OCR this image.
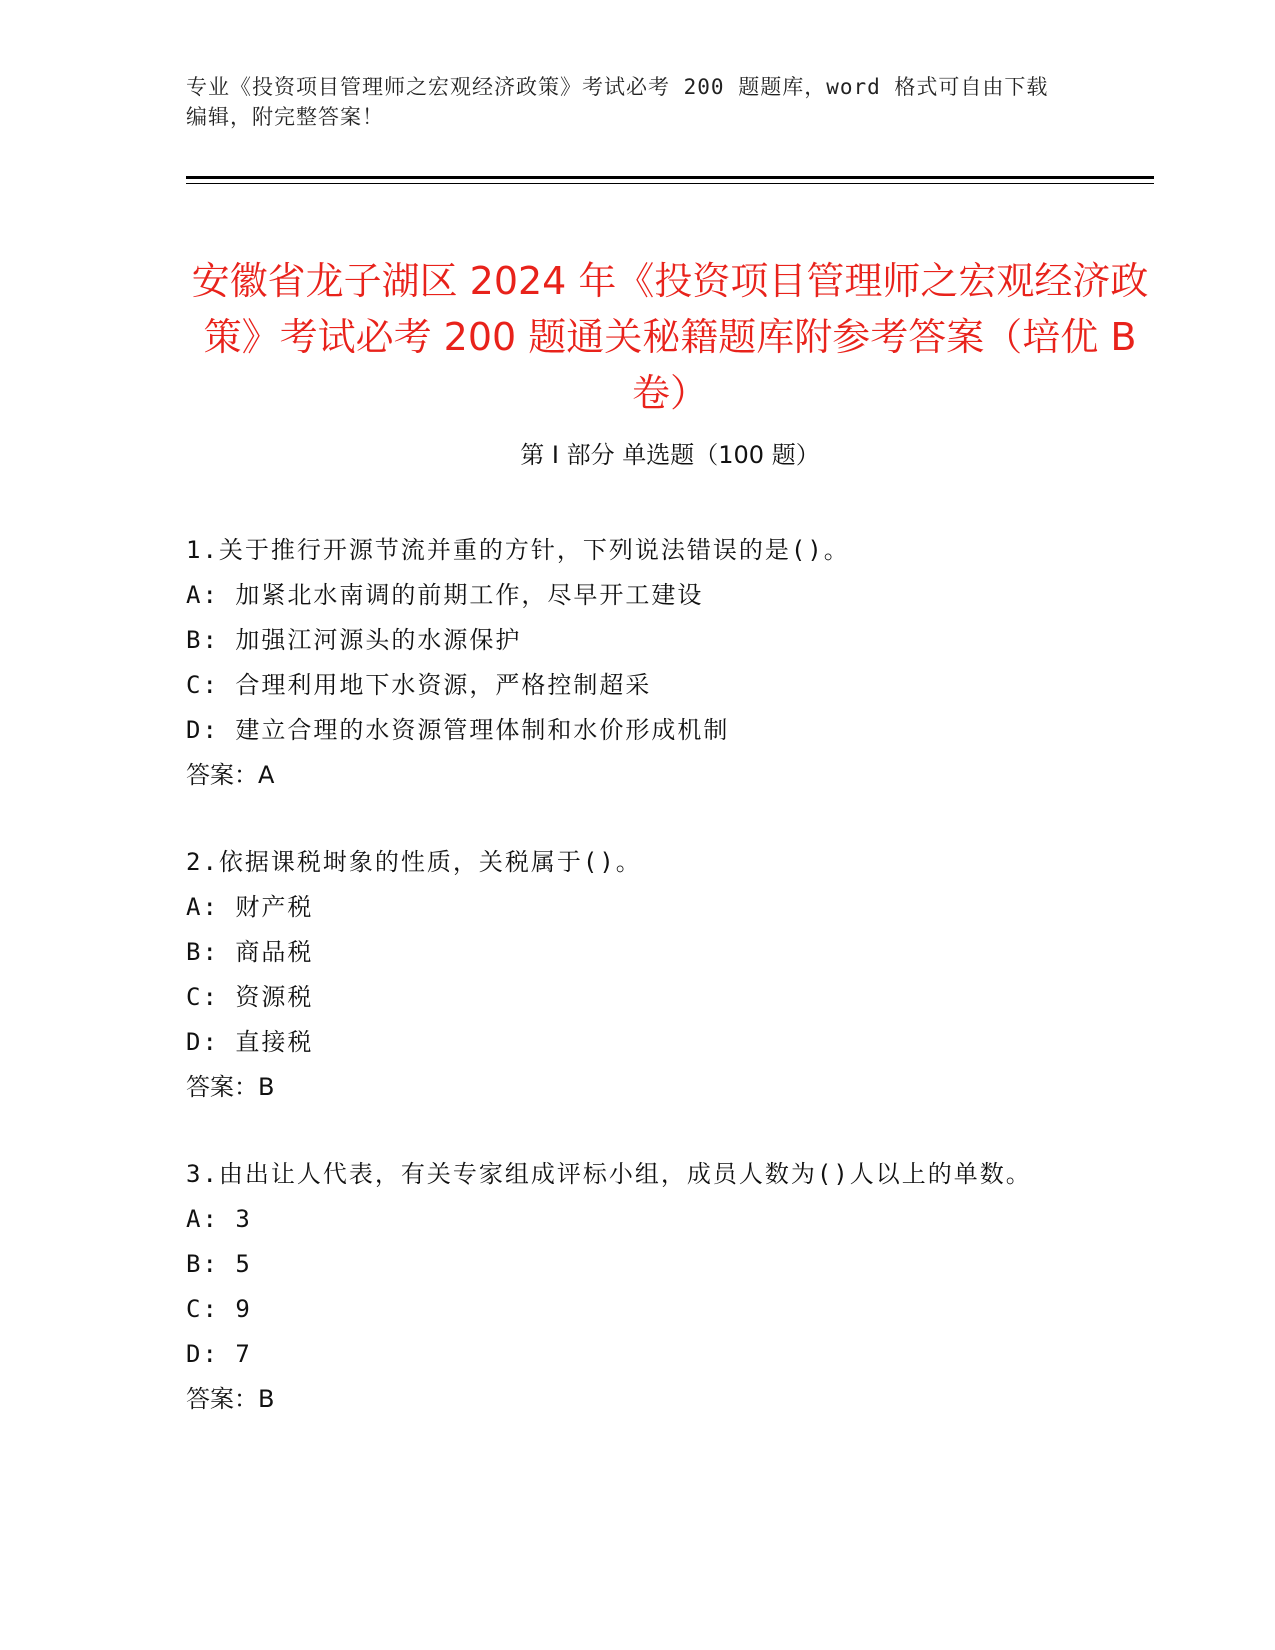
专业《投资项目管理师之宏观经济政策》考试必考 200 题题库，word 格式可自由下载编辑，附完整答案！
安徽省龙子湖区 2024 年《投资项目管理师之宏观经济政策》考试必考 200 题通关秘籍题库附参考答案（培优 B 卷）
第 I 部分 单选题（100 题）
1.关于推行开源节流并重的方针，下列说法错误的是()。
A: 加紧北水南调的前期工作，尽早开工建设
B: 加强江河源头的水源保护
C: 合理利用地下水资源，严格控制超采
D: 建立合理的水资源管理体制和水价形成机制
答案：A
2.依据课税埘象的性质，关税属于()。
A: 财产税
B: 商品税
C: 资源税
D: 直接税
答案：B
3.由出让人代表，有关专家组成评标小组，成员人数为()人以上的单数。
A: 3
B: 5
C: 9
D: 7
答案：B
